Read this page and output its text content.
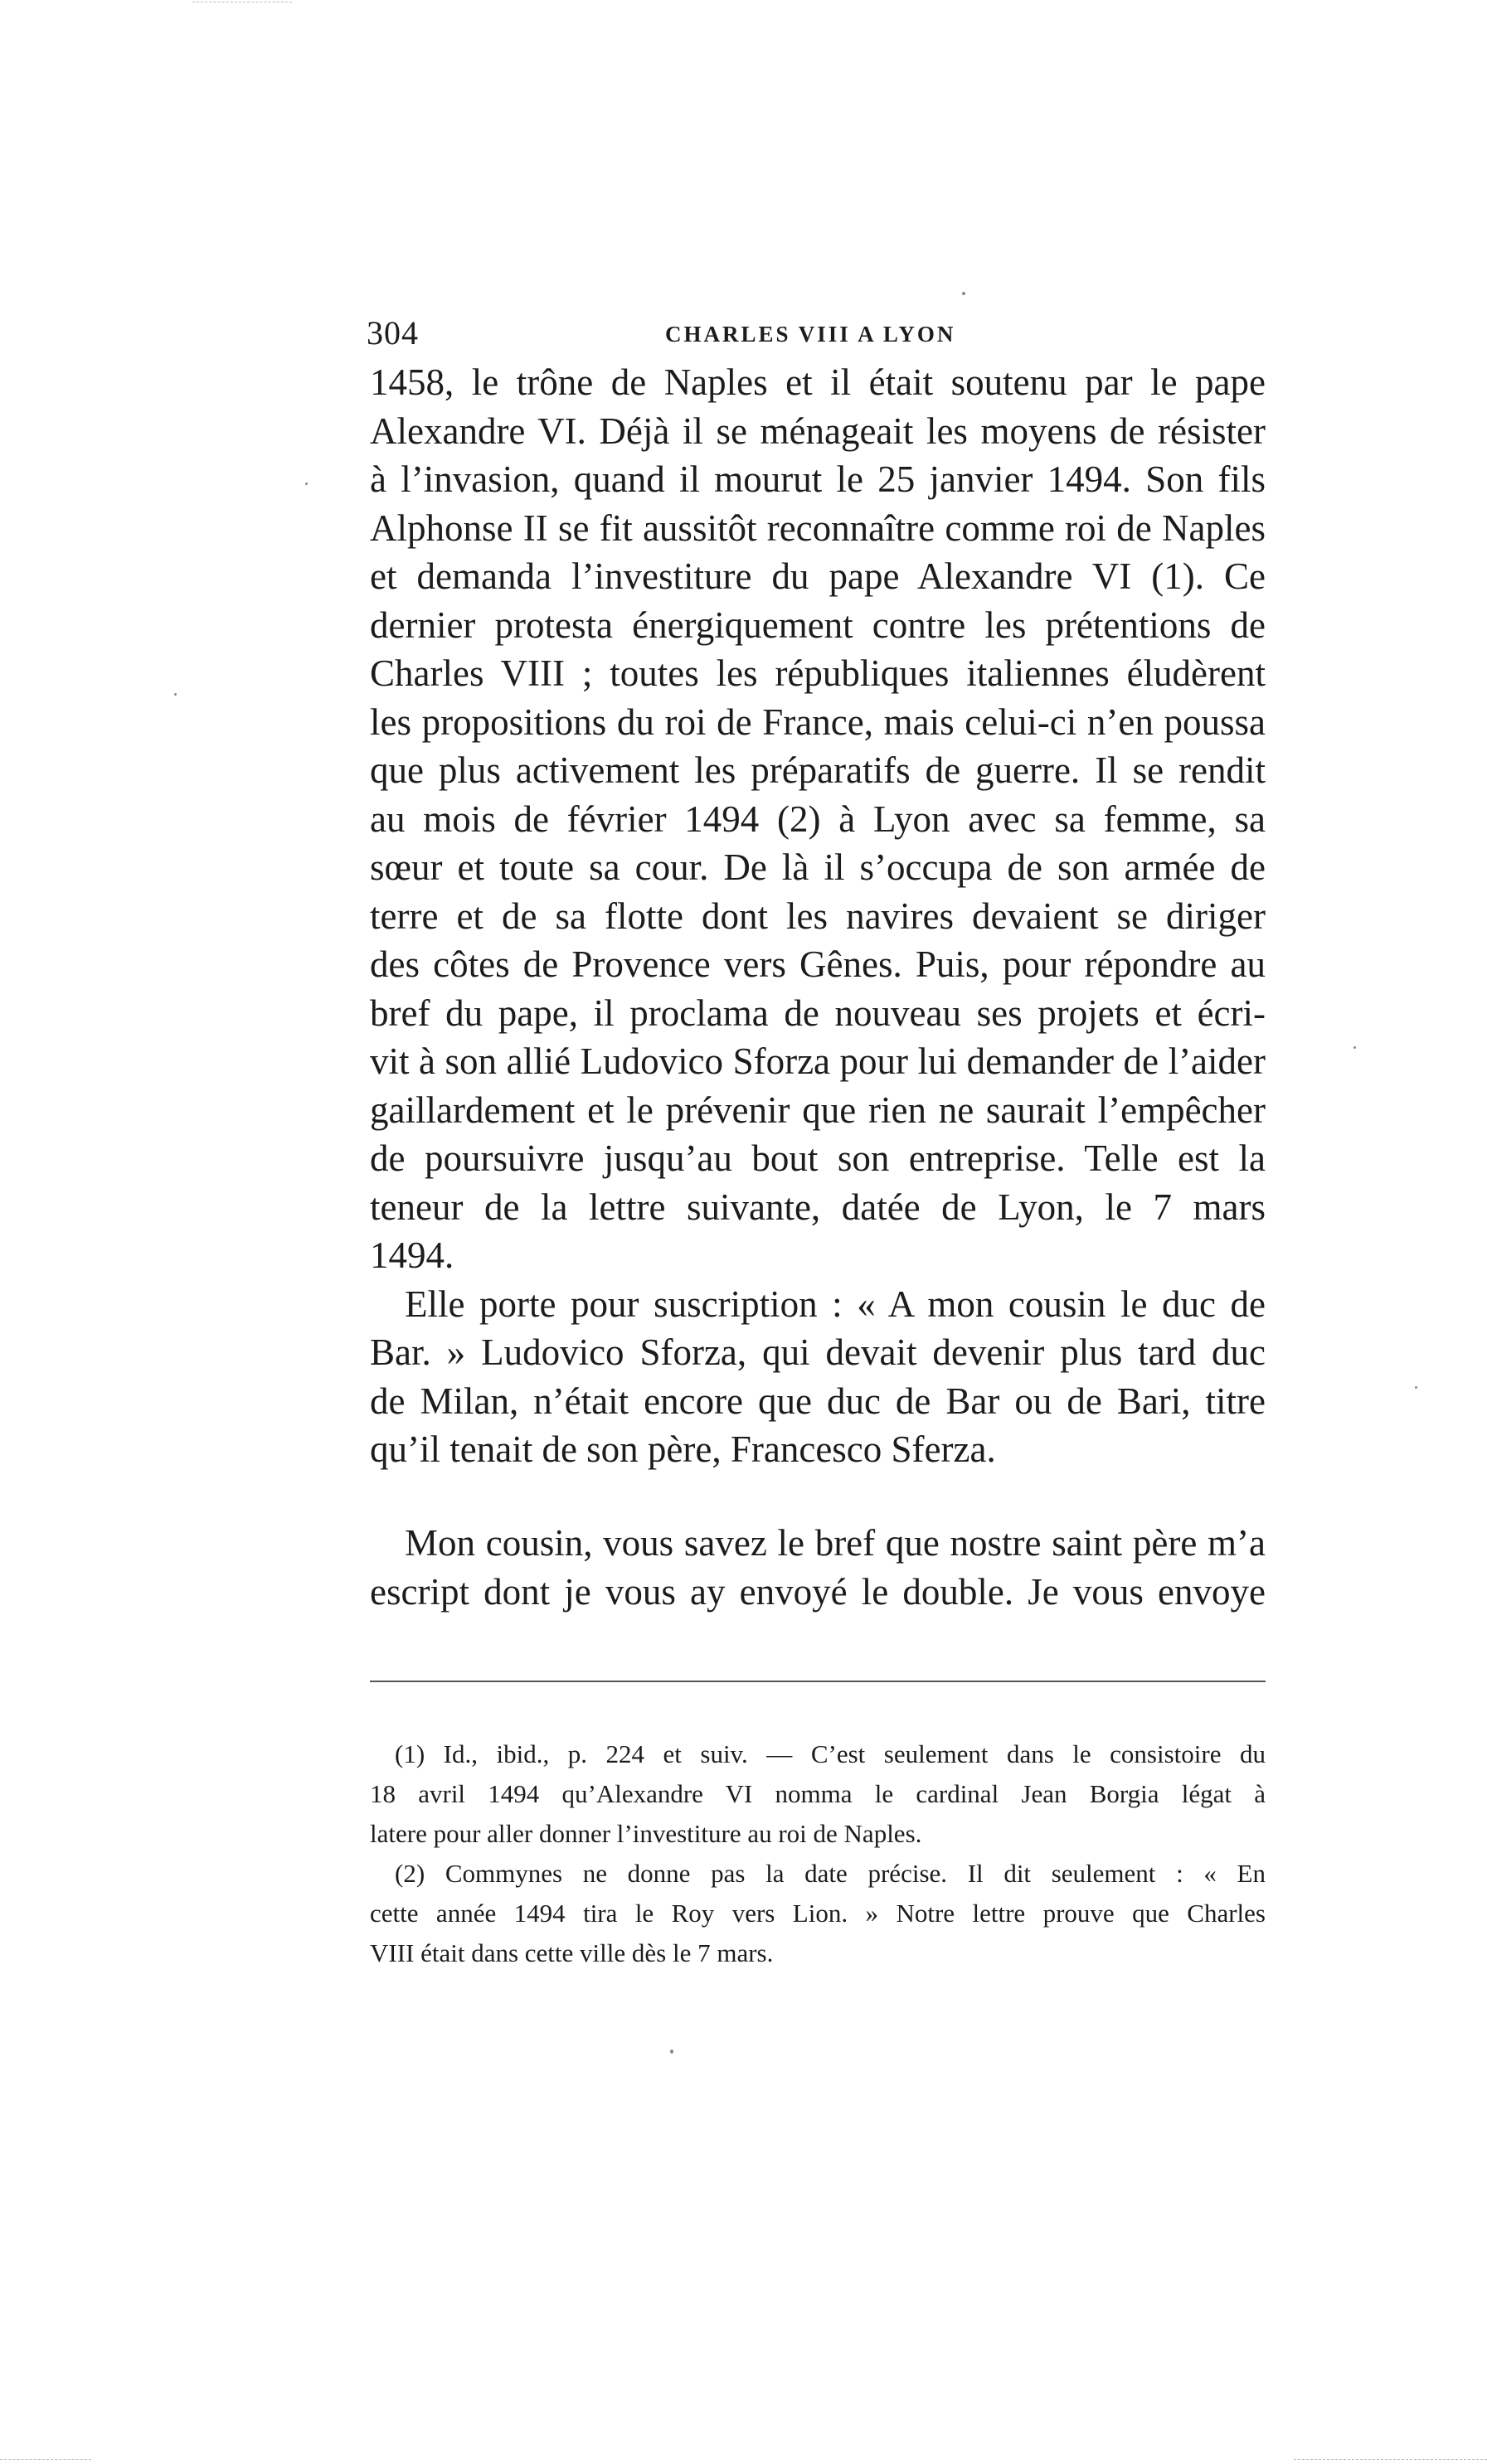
304	CHARLES VIII A LYON
1458, le trône de Naples et il était soutenu par le pape
Alexandre VI. Déjà il se ménageait les moyens de résister
à l’invasion, quand il mourut le 25 janvier 1494. Son fils
Alphonse II se fit aussitôt reconnaître comme roi de Naples
et demanda l’investiture du pape Alexandre VI (1). Ce
dernier protesta énergiquement contre les prétentions de
Charles VIII ; toutes les républiques italiennes éludèrent
les propositions du roi de France, mais celui-ci n’en poussa
que plus activement les préparatifs de guerre. Il se rendit
au mois de février 1494 (2) à Lyon avec sa femme, sa
sœur et toute sa cour. De là il s’occupa de son armée de
terre et de sa flotte dont les navires devaient se diriger
des côtes de Provence vers Gênes. Puis, pour répondre au
bref du pape, il proclama de nouveau ses projets et écri-
vit à son allié Ludovico Sforza pour lui demander de l’aider
gaillardement et le prévenir que rien ne saurait l’empêcher
de poursuivre jusqu’au bout son entreprise. Telle est la
teneur de la lettre suivante, datée de Lyon, le 7 mars
1494.
Elle porte pour suscription : « A mon cousin le duc de
Bar. » Ludovico Sforza, qui devait devenir plus tard duc
de Milan, n’était encore que duc de Bar ou de Bari, titre
qu’il tenait de son père, Francesco Sferza.
Mon cousin, vous savez le bref que nostre saint père m’a
escript dont je vous ay envoyé le double. Je vous envoye
(1) Id., ibid., p. 224 et suiv. — C’est seulement dans le consistoire du
18 avril 1494 qu’Alexandre VI nomma le cardinal Jean Borgia légat à
latere pour aller donner l’investiture au roi de Naples.
(2) Commynes ne donne pas la date précise. Il dit seulement : « En
cette année 1494 tira le Roy vers Lion. » Notre lettre prouve que Charles
VIII était dans cette ville dès le 7 mars.
